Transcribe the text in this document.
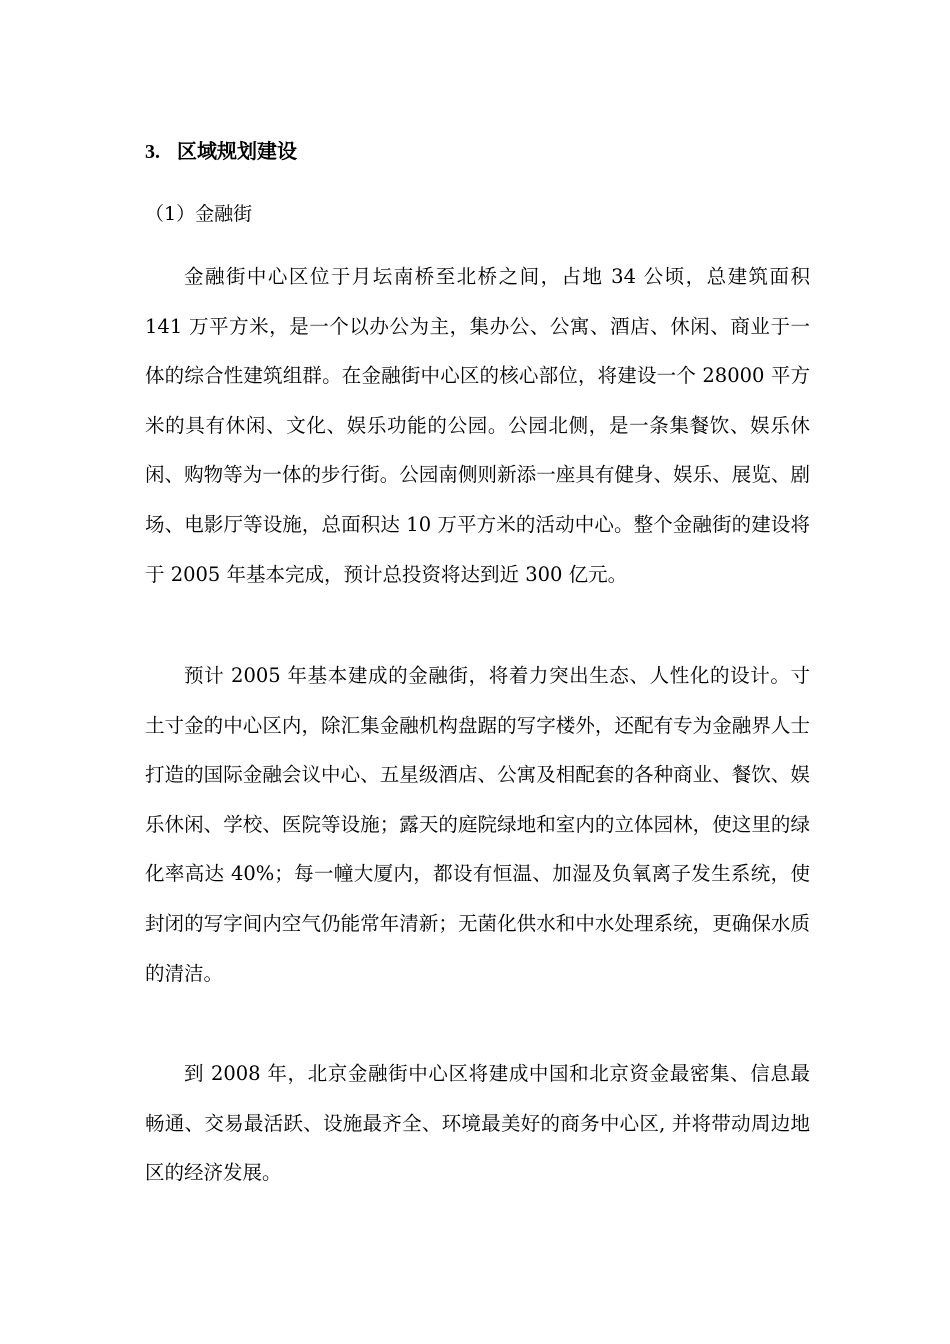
3. 区域规划建设
（1）金融街

金融街中心区位于月坛南桥至北桥之间，占地 34 公顷，总建筑面积 141 万平方米，是一个以办公为主，集办公、公寓、酒店、休闲、商业于一体的综合性建筑组群。在金融街中心区的核心部位，将建设一个 28000 平方米的具有休闲、文化、娱乐功能的公园。公园北侧，是一条集餐饮、娱乐休闲、购物等为一体的步行街。公园南侧则新添一座具有健身、娱乐、展览、剧场、电影厅等设施，总面积达 10 万平方米的活动中心。整个金融街的建设将于 2005 年基本完成，预计总投资将达到近 300 亿元。

预计 2005 年基本建成的金融街，将着力突出生态、人性化的设计。寸土寸金的中心区内，除汇集金融机构盘踞的写字楼外，还配有专为金融界人士打造的国际金融会议中心、五星级酒店、公寓及相配套的各种商业、餐饮、娱乐休闲、学校、医院等设施；露天的庭院绿地和室内的立体园林，使这里的绿化率高达 40%；每一幢大厦内，都设有恒温、加湿及负氧离子发生系统，使封闭的写字间内空气仍能常年清新；无菌化供水和中水处理系统，更确保水质的清洁。

到 2008 年，北京金融街中心区将建成中国和北京资金最密集、信息最畅通、交易最活跃、设施最齐全、环境最美好的商务中心区, 并将带动周边地区的经济发展。
